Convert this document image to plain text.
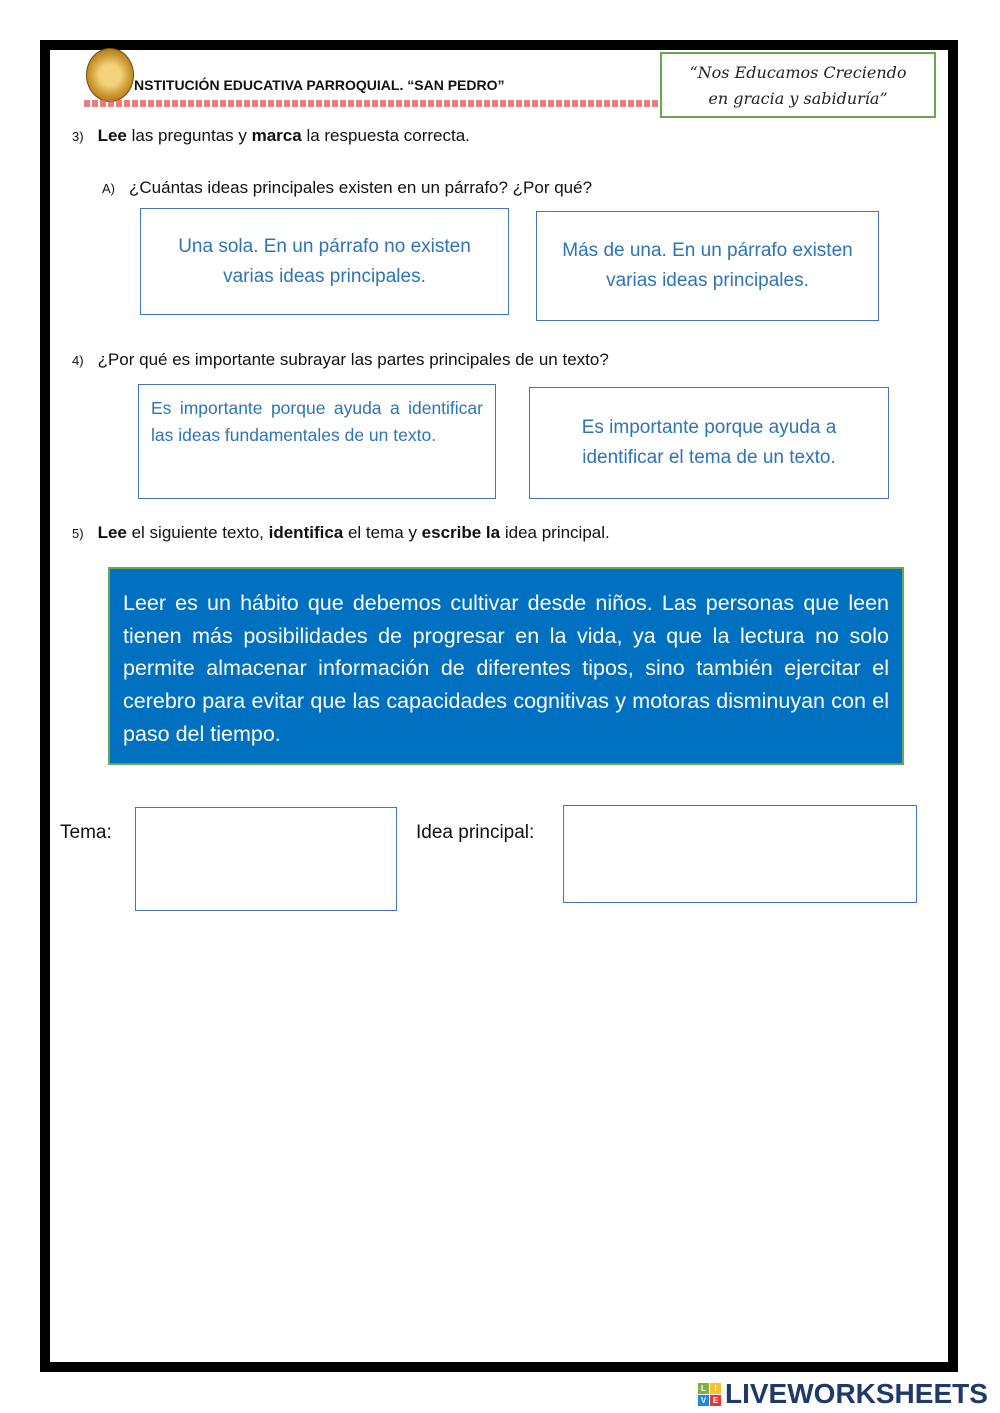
NSTITUCIÓN EDUCATIVA PARROQUIAL. “SAN PEDRO”
“Nos Educamos Creciendo
en gracia y sabiduría”
3) Lee las preguntas y marca la respuesta correcta.
A) ¿Cuántas ideas principales existen en un párrafo? ¿Por qué?
Una sola. En un párrafo no existen varias ideas principales.
Más de una. En un párrafo existen varias ideas principales.
4) ¿Por qué es importante subrayar las partes principales de un texto?
Es importante porque ayuda a identificar las ideas fundamentales de un texto.	Es importante porque ayuda a identificar el tema de un texto.
5) Lee el siguiente texto, identifica el tema y escribe la idea principal.
Leer es un hábito que debemos cultivar desde niños. Las personas que leen tienen más posibilidades de progresar en la vida, ya que la lectura no solo permite almacenar información de diferentes tipos, sino también ejercitar el cerebro para evitar que las capacidades cognitivas y motoras disminuyan con el paso del tiempo.
Tema:	Idea principal:
L	I
V E LIVEWORKSHEETS
